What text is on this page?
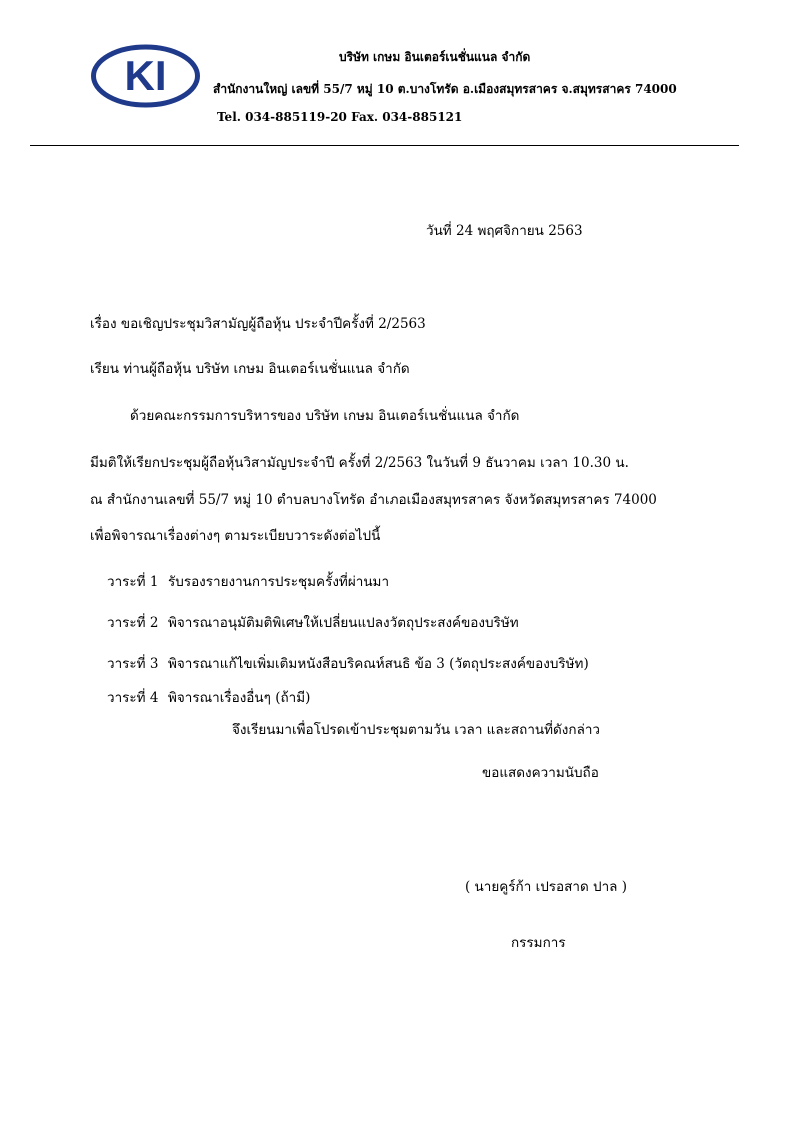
KI	บริษัท เกษม อินเตอร์เนชั่นแนล จำกัด
สำนักงานใหญ่ เลขที่ 55/7 หมู่ 10 ต.บางโทรัด อ.เมืองสมุทรสาคร จ.สมุทรสาคร 74000
Tel. 034-885119-20 Fax. 034-885121
วันที่ 24 พฤศจิกายน 2563
เรื่อง ขอเชิญประชุมวิสามัญผู้ถือหุ้น ประจำปีครั้งที่ 2/2563
เรียน ท่านผู้ถือหุ้น บริษัท เกษม อินเตอร์เนชั่นแนล จำกัด
ด้วยคณะกรรมการบริหารของ บริษัท เกษม อินเตอร์เนชั่นแนล จำกัด
มีมติให้เรียกประชุมผู้ถือหุ้นวิสามัญประจำปี ครั้งที่ 2/2563 ในวันที่ 9 ธันวาคม เวลา 10.30 น.
ณ สำนักงานเลขที่ 55/7 หมู่ 10 ตำบลบางโทรัด อำเภอเมืองสมุทรสาคร จังหวัดสมุทรสาคร 74000
เพื่อพิจารณาเรื่องต่างๆ ตามระเบียบวาระดังต่อไปนี้
วาระที่ 1 รับรองรายงานการประชุมครั้งที่ผ่านมา
วาระที่ 2 พิจารณาอนุมัติมติพิเศษให้เปลี่ยนแปลงวัตถุประสงค์ของบริษัท
วาระที่ 3 พิจารณาแก้ไขเพิ่มเติมหนังสือบริคณห์สนธิ ข้อ 3 (วัตถุประสงค์ของบริษัท)
วาระที่ 4 พิจารณาเรื่องอื่นๆ (ถ้ามี)
จึงเรียนมาเพื่อโปรดเข้าประชุมตามวัน เวลา และสถานที่ดังกล่าว
ขอแสดงความนับถือ
( นายคูร์ก้า เปรอสาด ปาล )
กรรมการ
